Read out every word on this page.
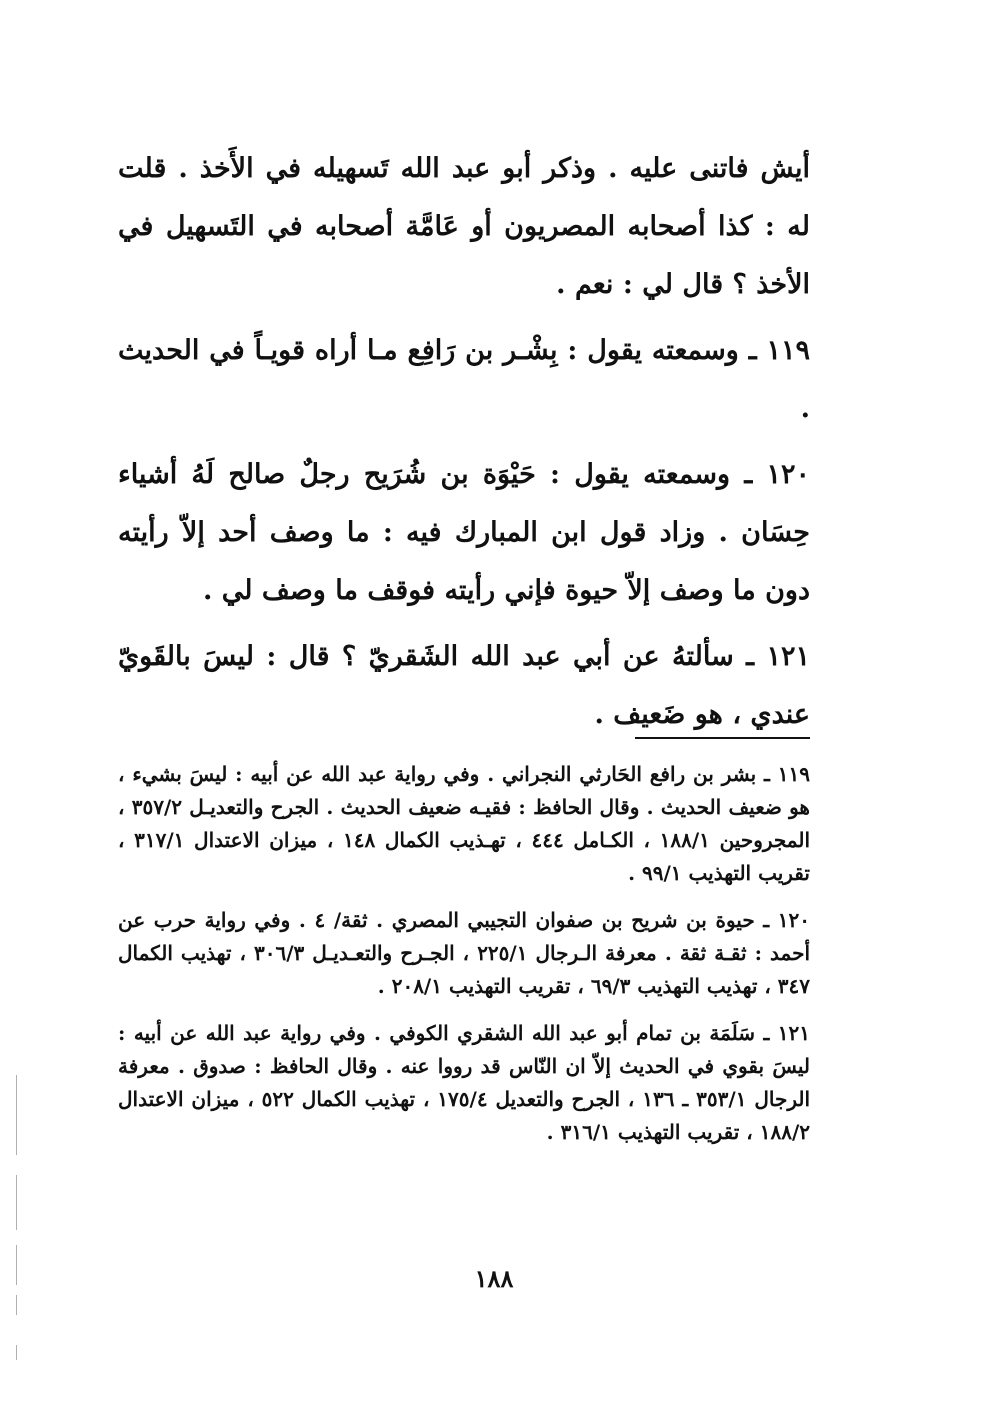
أيش فاتنى عليه . وذكر أبو عبد الله تَسهيله في الأَخذ . قلت له : كذا أصحابه المصريون أو عَامَّة أصحابه في التَسهيل في الأخذ ؟ قال لي : نعم .

١١٩ ـ وسمعته يقول : بِشْـر بن رَافِع مـا أراه قويـاً في الحديث .

١٢٠ ـ وسمعته يقول : حَيْوَة بن شُرَيح رجلٌ صالح لَهُ أشياء حِسَان . وزاد قول ابن المبارك فيه : ما وصف أحد إلاّ رأيته دون ما وصف إلاّ حيوة فإني رأيته فوقف ما وصف لي .

١٢١ ـ سألتهُ عن أبي عبد الله الشَقريّ ؟ قال : ليسَ بالقَويّ عندي ، هو ضَعيف .

١١٩ ـ بشر بن رافع الحَارثي النجراني . وفي رواية عبد الله عن أبيه : ليسَ بشيء ، هو ضعيف الحديث . وقال الحافظ : فقيـه ضعيف الحديث . الجرح والتعديـل ٣٥٧/٢ ، المجروحين ١٨٨/١ ، الكـامل ٤٤٤ ، تهـذيب الكمال ١٤٨ ، ميزان الاعتدال ٣١٧/١ ، تقريب التهذيب ٩٩/١ .

١٢٠ ـ حيوة بن شريح بن صفوان التجيبي المصري . ثقة/ ٤ . وفي رواية حرب عن أحمد : ثقـة ثقة . معرفة الـرجال ٢٢٥/١ ، الجـرح والتعـديـل ٣٠٦/٣ ، تهذيب الكمال ٣٤٧ ، تهذيب التهذيب ٦٩/٣ ، تقريب التهذيب ٢٠٨/١ .

١٢١ ـ سَلَمَة بن تمام أبو عبد الله الشقري الكوفي . وفي رواية عبد الله عن أبيه : ليسَ بقوي في الحديث إلاّ ان النّاس قد رووا عنه . وقال الحافظ : صدوق . معرفة الرجال ٣٥٣/١ ـ ١٣٦ ، الجرح والتعديل ١٧٥/٤ ، تهذيب الكمال ٥٢٢ ، ميزان الاعتدال ١٨٨/٢ ، تقريب التهذيب ٣١٦/١ .

١٨٨
